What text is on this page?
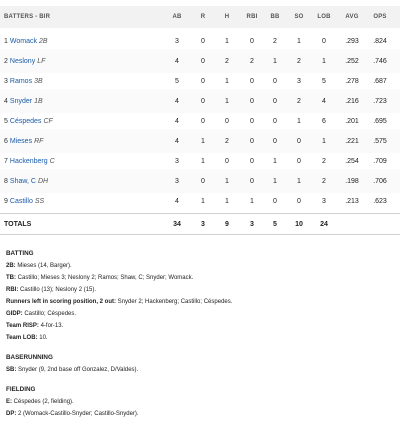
BATTERS - BIR	AB	R	H	RBI	BB	SO	LOB	AVG	OPS
1 Womack 2B	3	0	1	0	2	1	0	.293	.824
2 Neslony LF	4	0	2	2	1	2	1	.252	.746
3 Ramos 3B	5	0	1	0	0	3	5	.278	.687
4 Snyder 1B	4	0	1	0	0	2	4	.216	.723
5 Céspedes CF	4	0	0	0	0	1	6	.201	.695
6 Mieses RF	4	1	2	0	0	0	1	.221	.575
7 Hackenberg C	3	1	0	0	1	0	2	.254	.709
8 Shaw, C DH	3	0	1	0	1	1	2	.198	.706
9 Castillo SS	4	1	1	1	0	0	3	.213	.623
TOTALS	34	3	9	3	5	10	24
BATTING
2B: Mieses (14, Barger).
TB: Castillo; Mieses 3; Neslony 2; Ramos; Shaw, C; Snyder; Womack.
RBI: Castillo (13); Neslony 2 (15).
Runners left in scoring position, 2 out: Snyder 2; Hackenberg; Castillo; Céspedes.
GIDP: Castillo; Céspedes.
Team RISP: 4-for-13.
Team LOB: 10.
BASERUNNING
SB: Snyder (9, 2nd base off Gonzalez, D/Valdes).
FIELDING
E: Céspedes (2, fielding).
DP: 2 (Womack-Castillo-Snyder; Castillo-Snyder).
